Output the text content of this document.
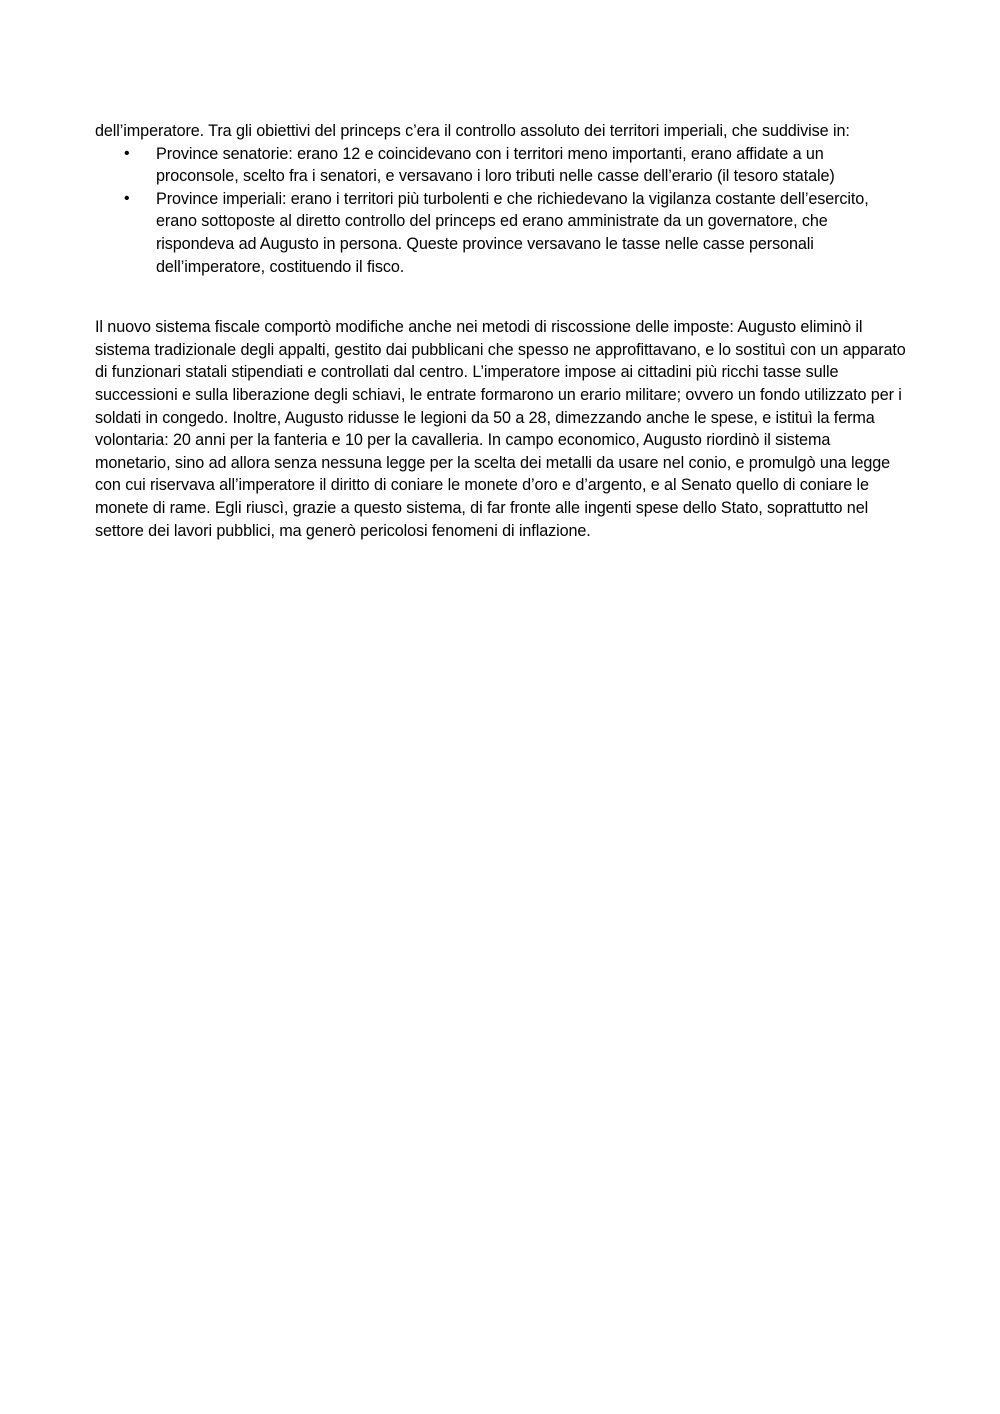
dell’imperatore. Tra gli obiettivi del princeps c’era il controllo assoluto dei territori imperiali, che suddivise in:

• Province senatorie: erano 12 e coincidevano con i territori meno importanti, erano affidate a un proconsole, scelto fra i senatori, e versavano i loro tributi nelle casse dell’erario (il tesoro statale)
• Province imperiali: erano i territori più turbolenti e che richiedevano la vigilanza costante dell’esercito, erano sottoposte al diretto controllo del princeps ed erano amministrate da un governatore, che rispondeva ad Augusto in persona. Queste province versavano le tasse nelle casse personali dell’imperatore, costituendo il fisco.

Il nuovo sistema fiscale comportò modifiche anche nei metodi di riscossione delle imposte: Augusto eliminò il sistema tradizionale degli appalti, gestito dai pubblicani che spesso ne approfittavano, e lo sostituì con un apparato di funzionari statali stipendiati e controllati dal centro. L’imperatore impose ai cittadini più ricchi tasse sulle successioni e sulla liberazione degli schiavi, le entrate formarono un erario militare; ovvero un fondo utilizzato per i soldati in congedo. Inoltre, Augusto ridusse le legioni da 50 a 28, dimezzando anche le spese, e istituì la ferma volontaria: 20 anni per la fanteria e 10 per la cavalleria. In campo economico, Augusto riordinò il sistema monetario, sino ad allora senza nessuna legge per la scelta dei metalli da usare nel conio, e promulgò una legge con cui riservava all’imperatore il diritto di coniare le monete d’oro e d’argento, e al Senato quello di coniare le monete di rame. Egli riuscì, grazie a questo sistema, di far fronte alle ingenti spese dello Stato, soprattutto nel settore dei lavori pubblici, ma generò pericolosi fenomeni di inflazione.
